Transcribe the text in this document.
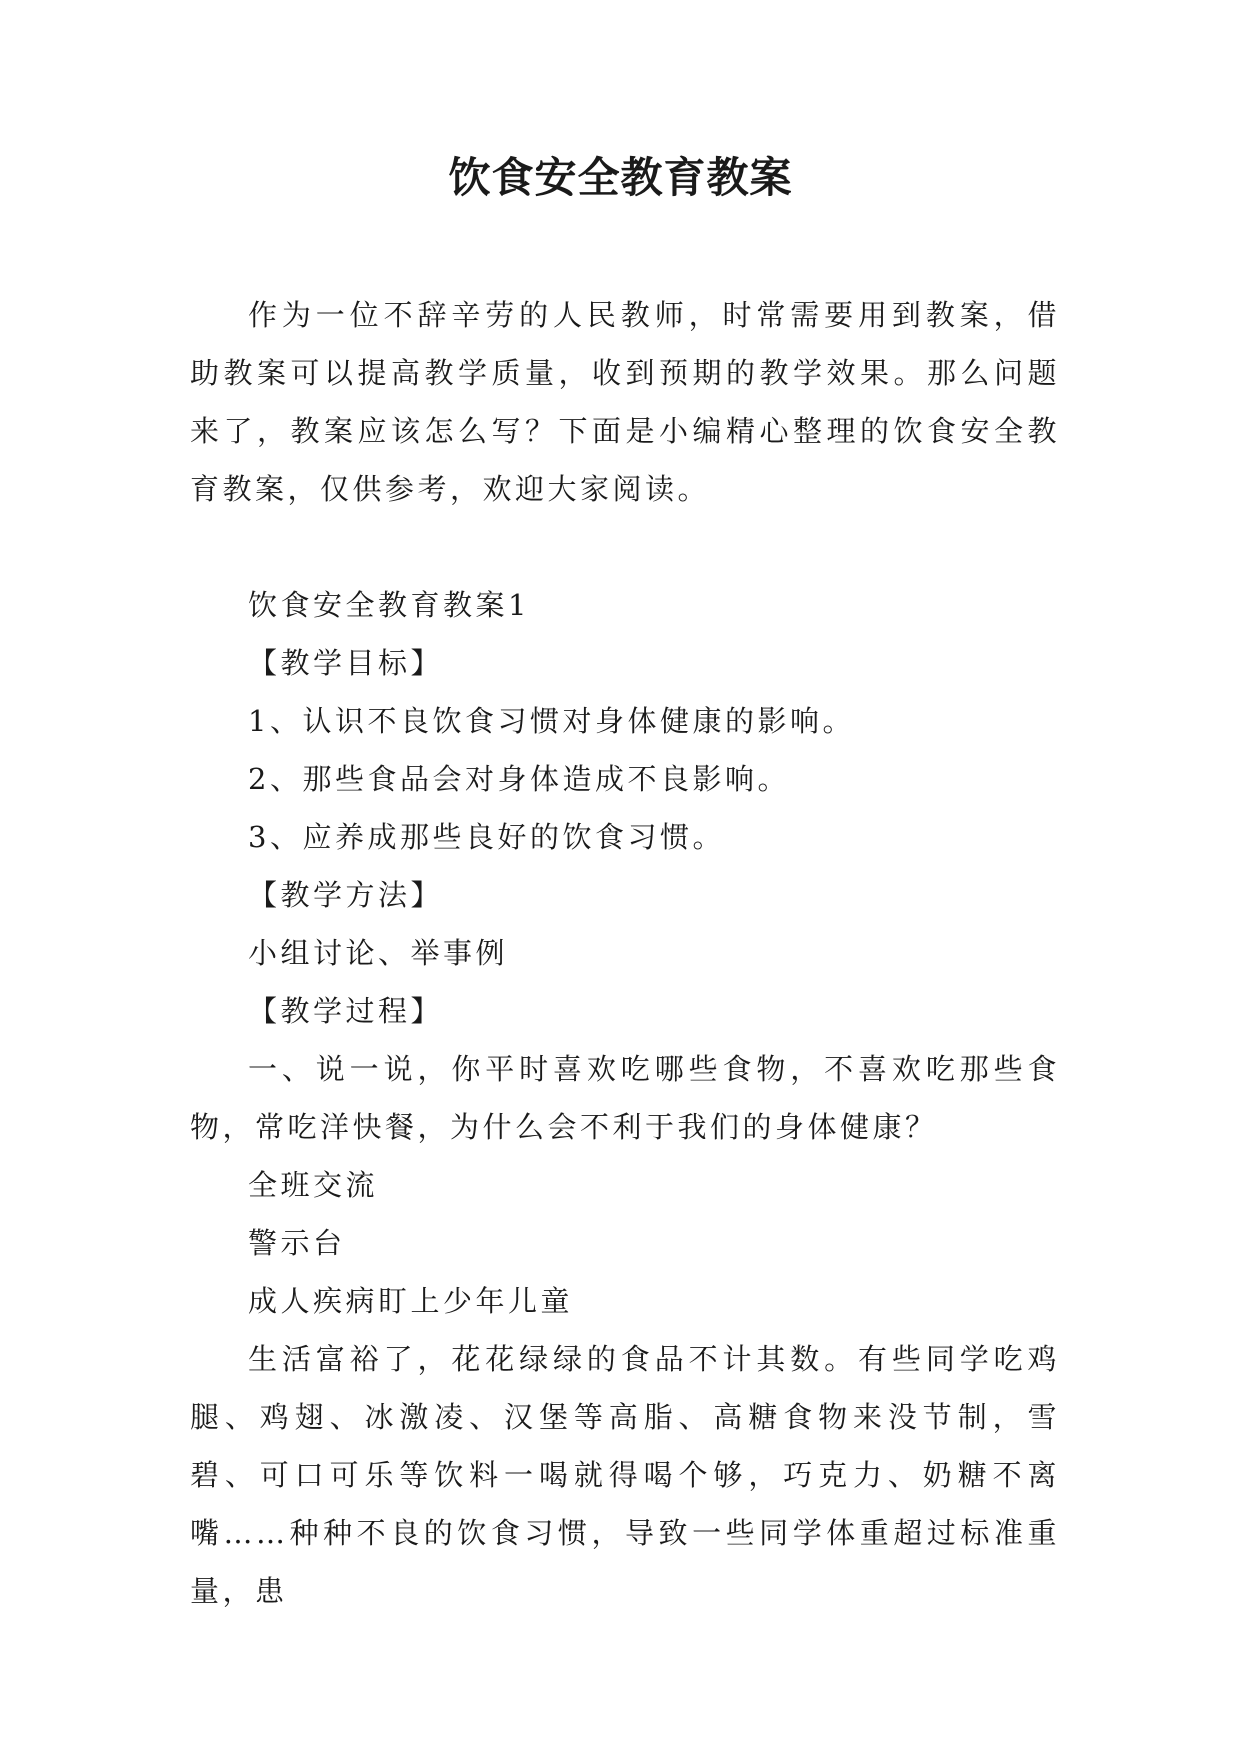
饮食安全教育教案

作为一位不辞辛劳的人民教师，时常需要用到教案，借助教案可以提高教学质量，收到预期的教学效果。那么问题来了，教案应该怎么写？下面是小编精心整理的饮食安全教育教案，仅供参考，欢迎大家阅读。

饮食安全教育教案1

【教学目标】

1、认识不良饮食习惯对身体健康的影响。

2、那些食品会对身体造成不良影响。

3、应养成那些良好的饮食习惯。

【教学方法】

小组讨论、举事例

【教学过程】

一、说一说，你平时喜欢吃哪些食物，不喜欢吃那些食物，常吃洋快餐，为什么会不利于我们的身体健康？

全班交流

警示台

成人疾病盯上少年儿童

生活富裕了，花花绿绿的食品不计其数。有些同学吃鸡腿、鸡翅、冰激凌、汉堡等高脂、高糖食物来没节制，雪碧、可口可乐等饮料一喝就得喝个够，巧克力、奶糖不离嘴……种种不良的饮食习惯，导致一些同学体重超过标准重量，患
